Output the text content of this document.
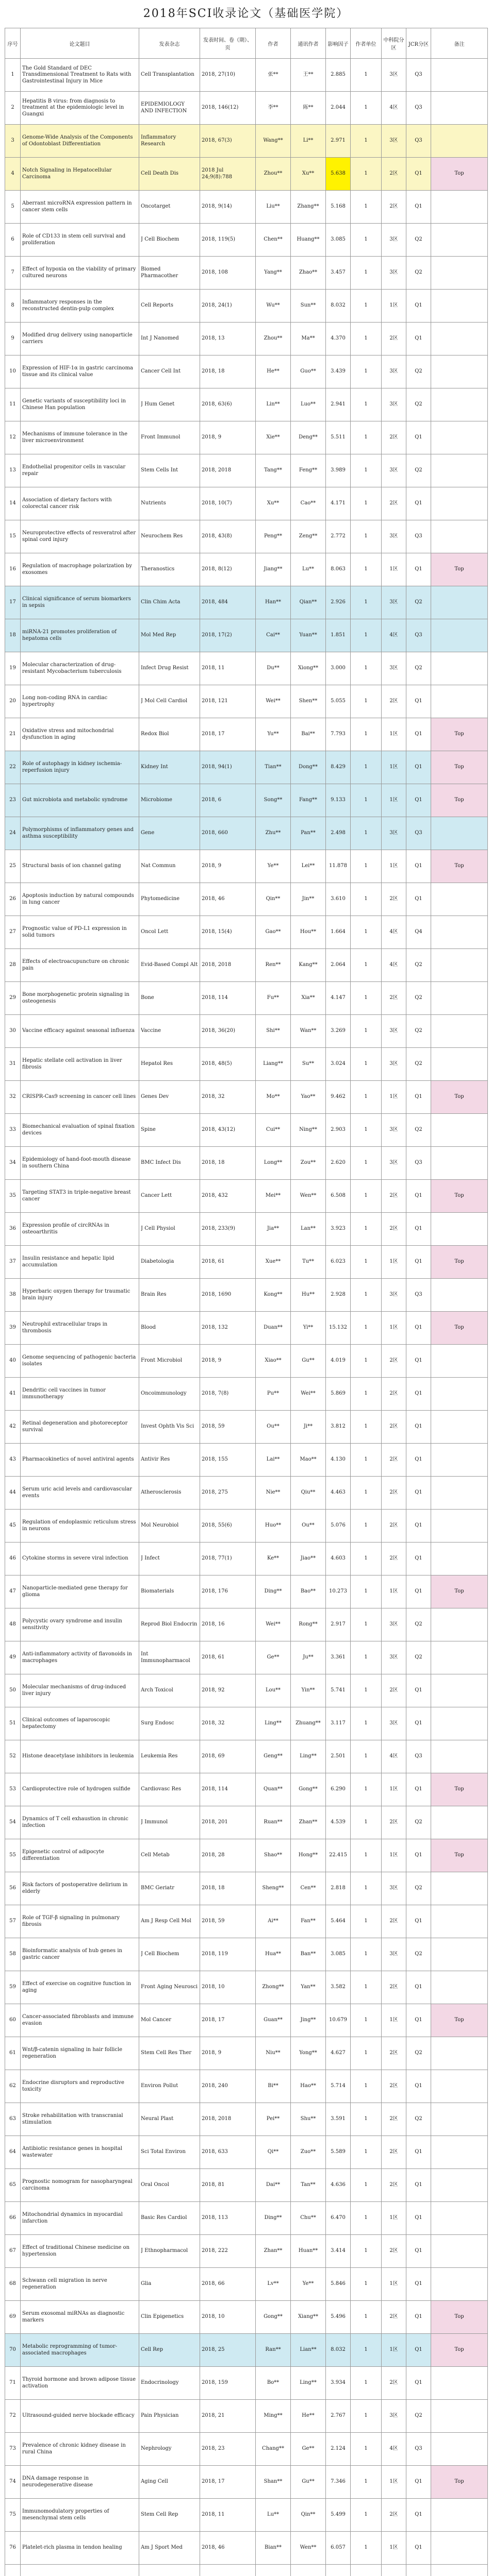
2018年SCI收录论文（基础医学院）
序号	论文题目	发表杂志	发表时间、卷（期）、页	作者	通讯作者	影响因子	作者单位	中科院分区	JCR分区	备注

1	The Gold Standard of DEC Transdimensional Treatment to Rats with Gastrointestinal Injury in Mice	Cell Transplantation	2018, 27(10)	张**	王**	2.885	1	3区	Q3	

2	Hepatitis B virus: from diagnosis to treatment at the epidemiologic level in Guangxi	EPIDEMIOLOGY AND INFECTION	2018, 146(12)	李**	陈**	2.044	1	4区	Q3	

3	Genome-Wide Analysis of the Components of Odontoblast Differentiation	Inflammatory Research	2018, 67(3)	Wang**	Li**	2.971	1	3区	Q3	

4	Notch Signaling in Hepatocellular Carcinoma	Cell Death Dis	2018 Jul 24;9(8):788	Zhou**	Xu**	5.638	1	2区	Q1	Top

5	Aberrant microRNA expression pattern in cancer stem cells	Oncotarget	2018, 9(14)	Liu**	Zhang**	5.168	1	2区	Q1	

6	Role of CD133 in stem cell survival and proliferation	J Cell Biochem	2018, 119(5)	Chen**	Huang**	3.085	1	3区	Q2	

7	Effect of hypoxia on the viability of primary cultured neurons	Biomed Pharmacother	2018, 108	Yang**	Zhao**	3.457	1	3区	Q2	

8	Inflammatory responses in the reconstructed dentin-pulp complex	Cell Reports	2018, 24(1)	Wu**	Sun**	8.032	1	1区	Q1	

9	Modified drug delivery using nanoparticle carriers	Int J Nanomed	2018, 13	Zhou**	Ma**	4.370	1	2区	Q1	

10	Expression of HIF-1α in gastric carcinoma tissue and its clinical value	Cancer Cell Int	2018, 18	He**	Guo**	3.439	1	3区	Q2	

11	Genetic variants of susceptibility loci in Chinese Han population	J Hum Genet	2018, 63(6)	Lin**	Luo**	2.941	1	3区	Q2	

12	Mechanisms of immune tolerance in the liver microenvironment	Front Immunol	2018, 9	Xie**	Deng**	5.511	1	2区	Q1	

13	Endothelial progenitor cells in vascular repair	Stem Cells Int	2018, 2018	Tang**	Feng**	3.989	1	3区	Q2	

14	Association of dietary factors with colorectal cancer risk	Nutrients	2018, 10(7)	Xu**	Cao**	4.171	1	2区	Q1	

15	Neuroprotective effects of resveratrol after spinal cord injury	Neurochem Res	2018, 43(8)	Peng**	Zeng**	2.772	1	3区	Q3	

16	Regulation of macrophage polarization by exosomes	Theranostics	2018, 8(12)	Jiang**	Lu**	8.063	1	1区	Q1	Top

17	Clinical significance of serum biomarkers in sepsis	Clin Chim Acta	2018, 484	Han**	Qian**	2.926	1	3区	Q2	

18	miRNA-21 promotes proliferation of hepatoma cells	Mol Med Rep	2018, 17(2)	Cai**	Yuan**	1.851	1	4区	Q3	

19	Molecular characterization of drug-resistant Mycobacterium tuberculosis	Infect Drug Resist	2018, 11	Du**	Xiong**	3.000	1	3区	Q2	

20	Long non-coding RNA in cardiac hypertrophy	J Mol Cell Cardiol	2018, 121	Wei**	Shen**	5.055	1	2区	Q1	

21	Oxidative stress and mitochondrial dysfunction in aging	Redox Biol	2018, 17	Yu**	Bai**	7.793	1	1区	Q1	Top

22	Role of autophagy in kidney ischemia-reperfusion injury	Kidney Int	2018, 94(1)	Tian**	Dong**	8.429	1	1区	Q1	Top

23	Gut microbiota and metabolic syndrome	Microbiome	2018, 6	Song**	Fang**	9.133	1	1区	Q1	Top

24	Polymorphisms of inflammatory genes and asthma susceptibility	Gene	2018, 660	Zhu**	Pan**	2.498	1	3区	Q3	

25	Structural basis of ion channel gating	Nat Commun	2018, 9	Ye**	Lei**	11.878	1	1区	Q1	Top

26	Apoptosis induction by natural compounds in lung cancer	Phytomedicine	2018, 46	Qin**	Jin**	3.610	1	2区	Q1	

27	Prognostic value of PD-L1 expression in solid tumors	Oncol Lett	2018, 15(4)	Gao**	Hou**	1.664	1	4区	Q4	

28	Effects of electroacupuncture on chronic pain	Evid-Based Compl Alt	2018, 2018	Ren**	Kang**	2.064	1	4区	Q2	

29	Bone morphogenetic protein signaling in osteogenesis	Bone	2018, 114	Fu**	Xia**	4.147	1	2区	Q2	

30	Vaccine efficacy against seasonal influenza	Vaccine	2018, 36(20)	Shi**	Wan**	3.269	1	3区	Q2	

31	Hepatic stellate cell activation in liver fibrosis	Hepatol Res	2018, 48(5)	Liang**	Su**	3.024	1	3区	Q2	

32	CRISPR-Cas9 screening in cancer cell lines	Genes Dev	2018, 32	Mo**	Yao**	9.462	1	1区	Q1	Top

33	Biomechanical evaluation of spinal fixation devices	Spine	2018, 43(12)	Cui**	Ning**	2.903	1	3区	Q2	

34	Epidemiology of hand-foot-mouth disease in southern China	BMC Infect Dis	2018, 18	Long**	Zou**	2.620	1	3区	Q3	

35	Targeting STAT3 in triple-negative breast cancer	Cancer Lett	2018, 432	Mei**	Wen**	6.508	1	2区	Q1	Top

36	Expression profile of circRNAs in osteoarthritis	J Cell Physiol	2018, 233(9)	Jia**	Lan**	3.923	1	2区	Q1	

37	Insulin resistance and hepatic lipid accumulation	Diabetologia	2018, 61	Xue**	Tu**	6.023	1	1区	Q1	Top

38	Hyperbaric oxygen therapy for traumatic brain injury	Brain Res	2018, 1690	Kong**	Hu**	2.928	1	3区	Q3	

39	Neutrophil extracellular traps in thrombosis	Blood	2018, 132	Duan**	Yi**	15.132	1	1区	Q1	Top

40	Genome sequencing of pathogenic bacteria isolates	Front Microbiol	2018, 9	Xiao**	Gu**	4.019	1	2区	Q1	

41	Dendritic cell vaccines in tumor immunotherapy	Oncoimmunology	2018, 7(8)	Pu**	Wei**	5.869	1	2区	Q1	

42	Retinal degeneration and photoreceptor survival	Invest Ophth Vis Sci	2018, 59	Ou**	Ji**	3.812	1	2区	Q1	

43	Pharmacokinetics of novel antiviral agents	Antivir Res	2018, 155	Lai**	Mao**	4.130	1	2区	Q1	

44	Serum uric acid levels and cardiovascular events	Atherosclerosis	2018, 275	Nie**	Qiu**	4.463	1	2区	Q1	

45	Regulation of endoplasmic reticulum stress in neurons	Mol Neurobiol	2018, 55(6)	Huo**	Ou**	5.076	1	2区	Q1	

46	Cytokine storms in severe viral infection	J Infect	2018, 77(1)	Ke**	Jiao**	4.603	1	2区	Q1	

47	Nanoparticle-mediated gene therapy for glioma	Biomaterials	2018, 176	Ding**	Bao**	10.273	1	1区	Q1	Top

48	Polycystic ovary syndrome and insulin sensitivity	Reprod Biol Endocrin	2018, 16	Wei**	Rong**	2.917	1	3区	Q2	

49	Anti-inflammatory activity of flavonoids in macrophages	Int Immunopharmacol	2018, 61	Ge**	Ju**	3.361	1	3区	Q2	

50	Molecular mechanisms of drug-induced liver injury	Arch Toxicol	2018, 92	Lou**	Yin**	5.741	1	2区	Q1	

51	Clinical outcomes of laparoscopic hepatectomy	Surg Endosc	2018, 32	Ling**	Zhuang**	3.117	1	3区	Q1	

52	Histone deacetylase inhibitors in leukemia	Leukemia Res	2018, 69	Geng**	Ling**	2.501	1	4区	Q3	

53	Cardioprotective role of hydrogen sulfide	Cardiovasc Res	2018, 114	Quan**	Gong**	6.290	1	1区	Q1	Top

54	Dynamics of T cell exhaustion in chronic infection	J Immunol	2018, 201	Ruan**	Zhan**	4.539	1	2区	Q2	

55	Epigenetic control of adipocyte differentiation	Cell Metab	2018, 28	Shao**	Hong**	22.415	1	1区	Q1	Top

56	Risk factors of postoperative delirium in elderly	BMC Geriatr	2018, 18	Sheng**	Cen**	2.818	1	3区	Q2	

57	Role of TGF-β signaling in pulmonary fibrosis	Am J Resp Cell Mol	2018, 59	Ai**	Fan**	5.464	1	2区	Q1	

58	Bioinformatic analysis of hub genes in gastric cancer	J Cell Biochem	2018, 119	Hua**	Ban**	3.085	1	3区	Q2	

59	Effect of exercise on cognitive function in aging	Front Aging Neurosci	2018, 10	Zhong**	Yan**	3.582	1	2区	Q1	

60	Cancer-associated fibroblasts and immune evasion	Mol Cancer	2018, 17	Guan**	Jing**	10.679	1	1区	Q1	Top

61	Wnt/β-catenin signaling in hair follicle regeneration	Stem Cell Res Ther	2018, 9	Niu**	Yong**	4.627	1	2区	Q2	

62	Endocrine disruptors and reproductive toxicity	Environ Pollut	2018, 240	Bi**	Hao**	5.714	1	2区	Q1	

63	Stroke rehabilitation with transcranial stimulation	Neural Plast	2018, 2018	Pei**	Shu**	3.591	1	2区	Q2	

64	Antibiotic resistance genes in hospital wastewater	Sci Total Environ	2018, 633	Qi**	Zuo**	5.589	1	2区	Q1	

65	Prognostic nomogram for nasopharyngeal carcinoma	Oral Oncol	2018, 81	Dai**	Tan**	4.636	1	2区	Q1	

66	Mitochondrial dynamics in myocardial infarction	Basic Res Cardiol	2018, 113	Ding**	Chu**	6.470	1	1区	Q1	

67	Effect of traditional Chinese medicine on hypertension	J Ethnopharmacol	2018, 222	Zhan**	Huan**	3.414	1	2区	Q1	

68	Schwann cell migration in nerve regeneration	Glia	2018, 66	Lv**	Ye**	5.846	1	1区	Q1	

69	Serum exosomal miRNAs as diagnostic markers	Clin Epigenetics	2018, 10	Gong**	Xiang**	5.496	1	2区	Q1	Top

70	Metabolic reprogramming of tumor-associated macrophages	Cell Rep	2018, 25	Ran**	Lian**	8.032	1	1区	Q1	Top

71	Thyroid hormone and brown adipose tissue activation	Endocrinology	2018, 159	Bo**	Ling**	3.934	1	2区	Q1	

72	Ultrasound-guided nerve blockade efficacy	Pain Physician	2018, 21	Ming**	He**	2.767	1	3区	Q2	

73	Prevalence of chronic kidney disease in rural China	Nephrology	2018, 23	Chang**	Ge**	2.124	1	4区	Q3	

74	DNA damage response in neurodegenerative disease	Aging Cell	2018, 17	Shan**	Gu**	7.346	1	1区	Q1	Top

75	Immunomodulatory properties of mesenchymal stem cells	Stem Cell Rep	2018, 11	Lu**	Qin**	5.499	1	2区	Q1	

76	Platelet-rich plasma in tendon healing	Am J Sport Med	2018, 46	Bian**	Wen**	6.057	1	1区	Q1	
